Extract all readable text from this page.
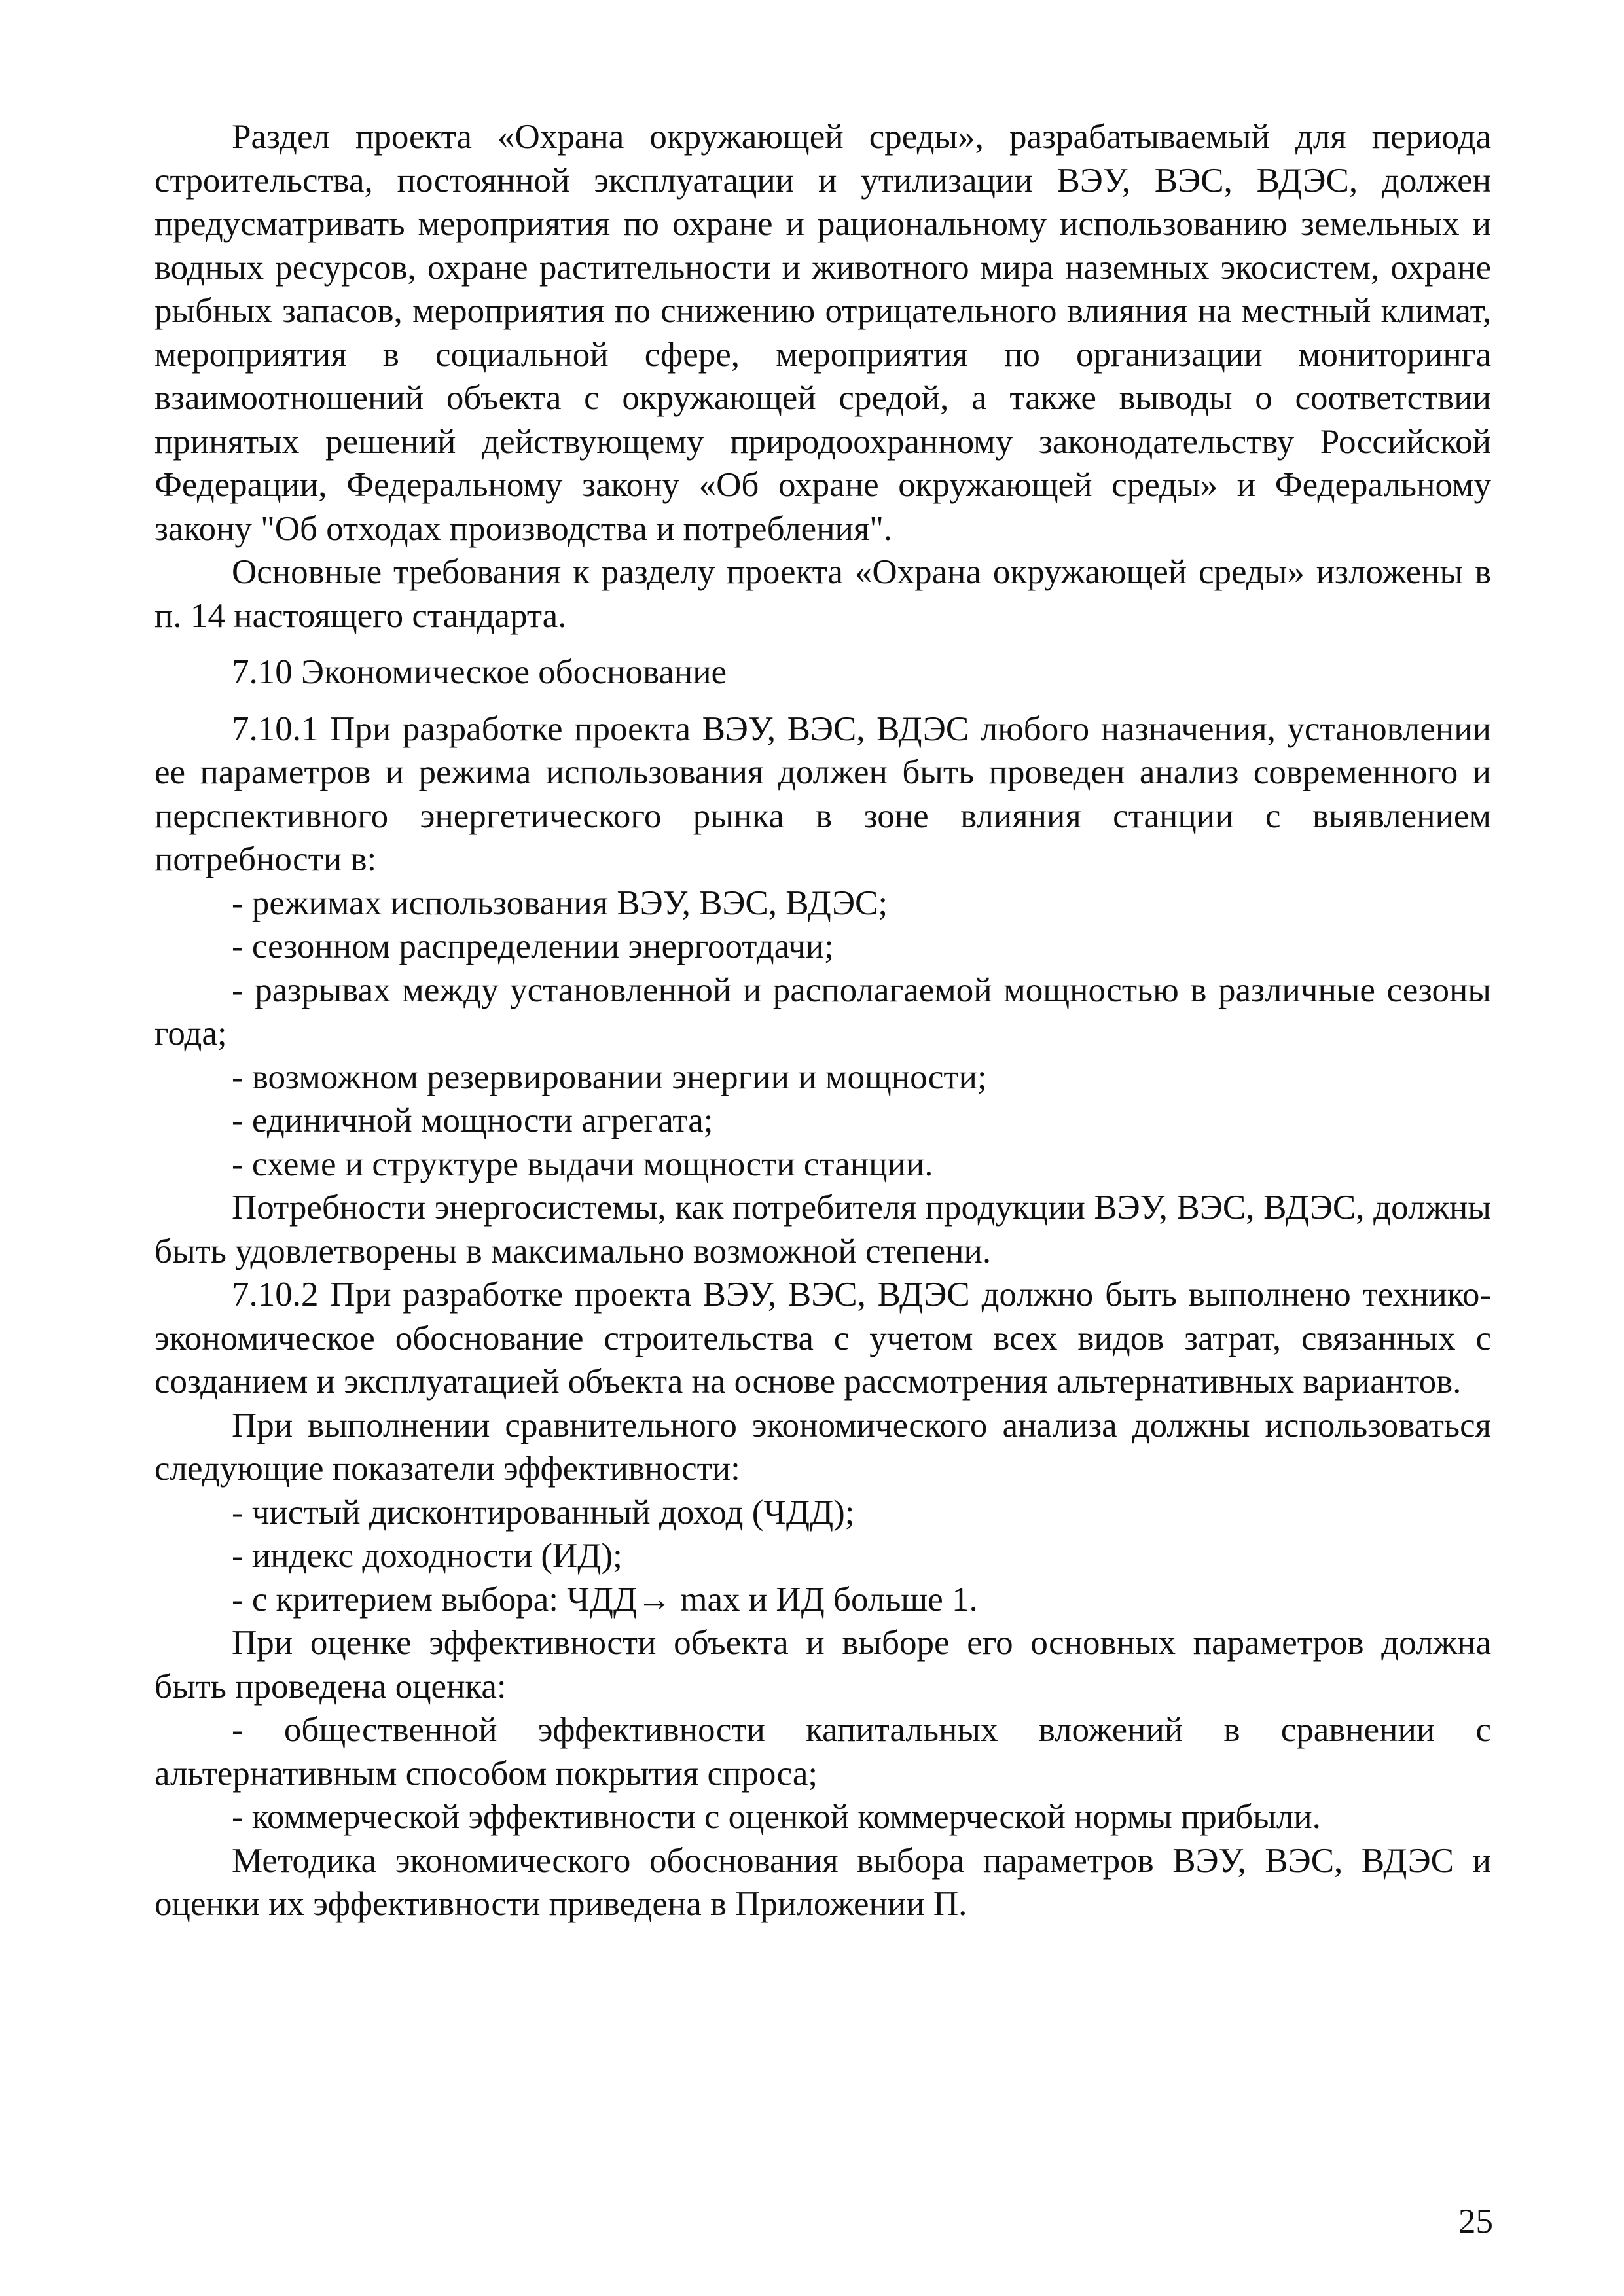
Раздел проекта «Охрана окружающей среды», разрабатываемый для периода строительства, постоянной эксплуатации и утилизации ВЭУ, ВЭС, ВДЭС, должен предусматривать мероприятия по охране и рациональному использованию земельных и водных ресурсов, охране растительности и животного мира наземных экосистем, охране рыбных запасов, мероприятия по снижению отрицательного влияния на местный климат, мероприятия в социальной сфере, мероприятия по организации мониторинга взаимоотношений объекта с окружающей средой, а также выводы о соответствии принятых решений действующему природоохранному законодательству Российской Федерации, Федеральному закону «Об охране окружающей среды» и Федеральному закону "Об отходах производства и потребления".

Основные требования к разделу проекта «Охрана окружающей среды» изложены в п. 14 настоящего стандарта.

7.10 Экономическое обоснование

7.10.1 При разработке проекта ВЭУ, ВЭС, ВДЭС любого назначения, установлении ее параметров и режима использования должен быть проведен анализ современного и перспективного энергетического рынка в зоне влияния станции с выявлением потребности в:

- режимах использования ВЭУ, ВЭС, ВДЭС;

- сезонном распределении энергоотдачи;

- разрывах между установленной и располагаемой мощностью в различные сезоны года;

- возможном резервировании энергии и мощности;

- единичной мощности агрегата;

- схеме и структуре выдачи мощности станции.

Потребности энергосистемы, как потребителя продукции ВЭУ, ВЭС, ВДЭС, должны быть удовлетворены в максимально возможной степени.

7.10.2 При разработке проекта ВЭУ, ВЭС, ВДЭС должно быть выполнено технико-экономическое обоснование строительства с учетом всех видов затрат, связанных с созданием и эксплуатацией объекта на основе рассмотрения альтернативных вариантов.

При выполнении сравнительного экономического анализа должны использоваться следующие показатели эффективности:

- чистый дисконтированный доход (ЧДД);

- индекс доходности (ИД);

- с критерием выбора: ЧДД→ max и ИД больше 1.

При оценке эффективности объекта и выборе его основных параметров должна быть проведена оценка:

- общественной эффективности капитальных вложений в сравнении с альтернативным способом покрытия спроса;

- коммерческой эффективности с оценкой коммерческой нормы прибыли.

Методика экономического обоснования выбора параметров ВЭУ, ВЭС, ВДЭС и оценки их эффективности приведена в Приложении П.

25
